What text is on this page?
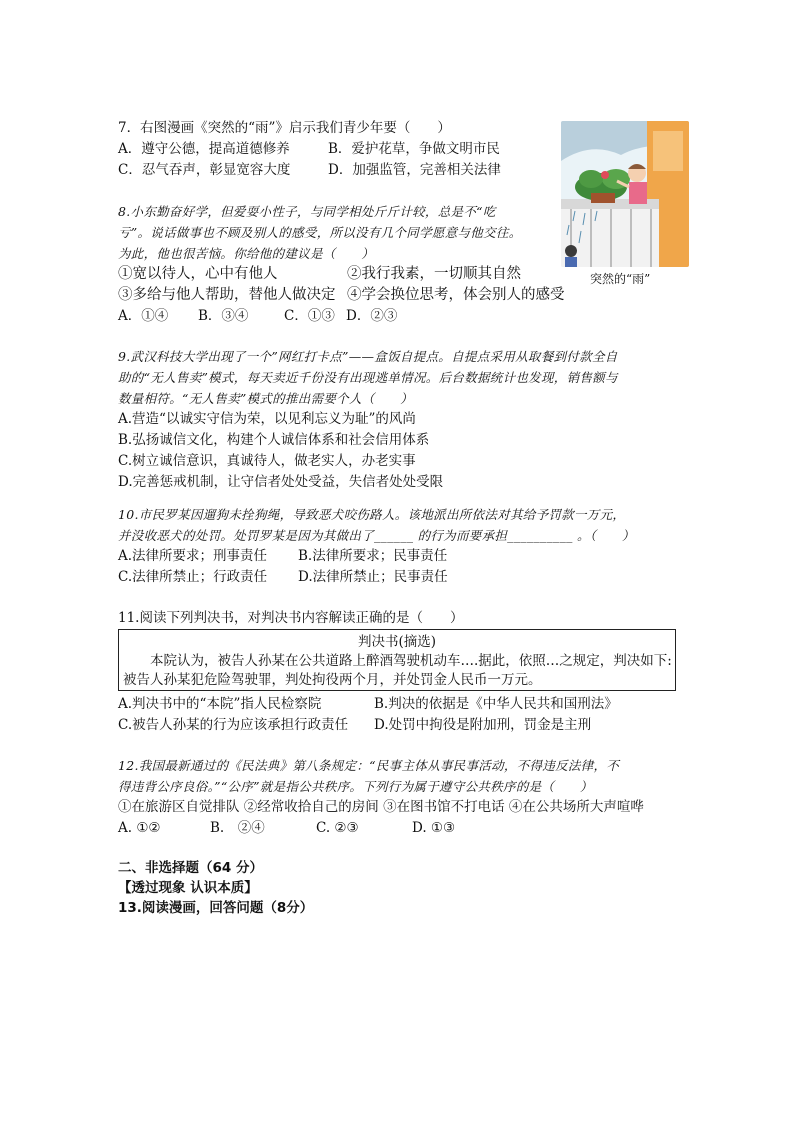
7．右图漫画《突然的“雨”》启示我们青少年要（　　）
A．遵守公德，提高道德修养	B．爱护花草，争做文明市民
C．忍气吞声，彰显宽容大度	D．加强监管，完善相关法律
突然的“雨”
8.小东勤奋好学，但爱耍小性子，与同学相处斤斤计较，总是不“吃
亏”。说话做事也不顾及别人的感受，所以没有几个同学愿意与他交往。
为此，他也很苦恼。你给他的建议是（　　）
①宽以待人，心中有他人	②我行我素，一切顺其自然
③多给与他人帮助，替他人做决定 ④学会换位思考，体会别人的感受
A．①④ B．③④	C．①③ D．②③
9.武汉科技大学出现了一个”网红打卡点”——盒饭自提点。自提点采用从取餐到付款全自
助的“无人售卖”模式，每天卖近千份没有出现逃单情况。后台数据统计也发现，销售额与
数量相符。“无人售卖”模式的推出需要个人（　　）
A.营造“以诚实守信为荣，以见利忘义为耻”的风尚
B.弘扬诚信文化，构建个人诚信体系和社会信用体系
C.树立诚信意识，真诚待人，做老实人，办老实事
D.完善惩戒机制，让守信者处处受益，失信者处处受限
10.市民罗某因遛狗未拴狗绳，导致恶犬咬伤路人。该地派出所依法对其给予罚款一万元，
并没收恶犬的处罚。处罚罗某是因为其做出了______ 的行为而要承担__________ 。（　　）
A.法律所要求；刑事责任 B.法律所要求；民事责任
C.法律所禁止；行政责任 D.法律所禁止；民事责任
11.阅读下列判决书，对判决书内容解读正确的是（　　）
判决书(摘选)
　　本院认为，被告人孙某在公共道路上醉酒驾驶机动车….据此，依照…之规定，判决如下:
被告人孙某犯危险驾驶罪，判处拘役两个月，并处罚金人民币一万元。
A.判决书中的“本院”指人民检察院	B.判决的依据是《中华人民共和国刑法》
C.被告人孙某的行为应该承担行政责任 D.处罚中拘役是附加刑，罚金是主刑
12.我国最新通过的《民法典》第八条规定：“民事主体从事民事活动，不得违反法律，不
得违背公序良俗。”“公序”就是指公共秩序。下列行为属于遵守公共秩序的是（　　）
①在旅游区自觉排队 ②经常收拾自己的房间 ③在图书馆不打电话 ④在公共场所大声喧哗
A. ①②	B.　②④	C. ②③	D. ①③
二、非选择题（64 分）
【透过现象 认识本质】
13.阅读漫画，回答问题（8分）
